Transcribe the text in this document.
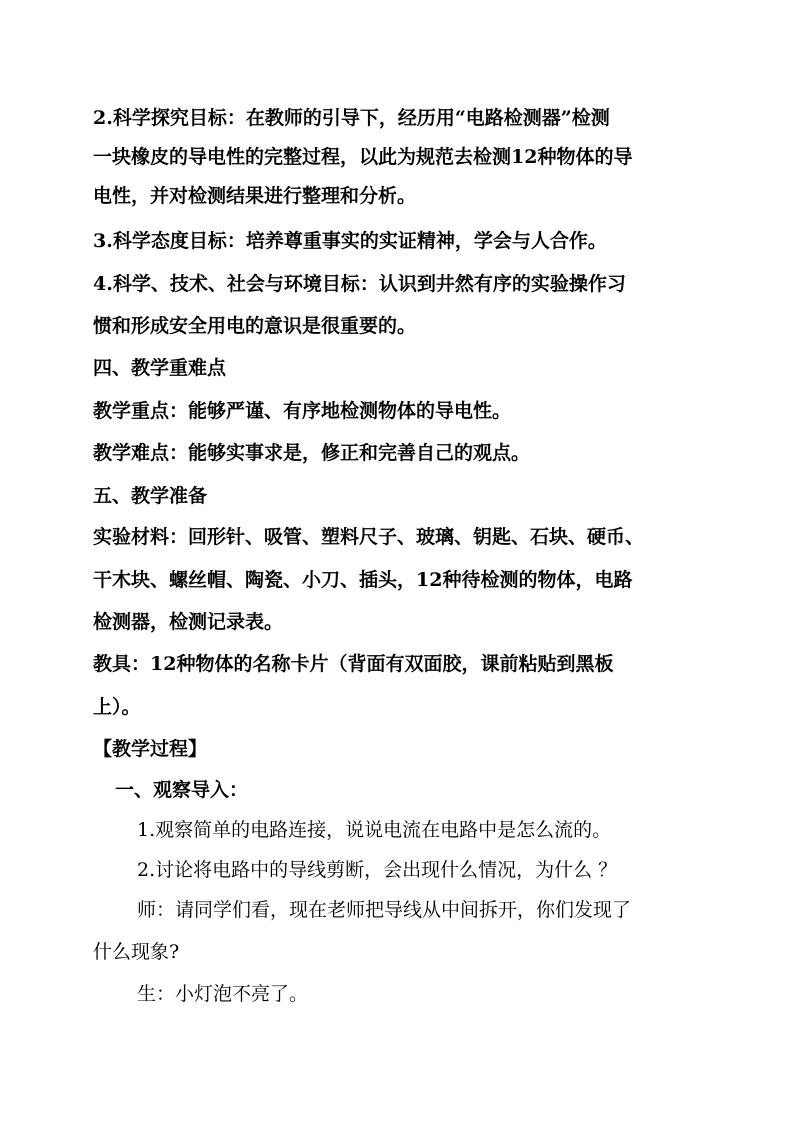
2.科学探究目标：在教师的引导下，经历用“电路检测器”检测
一块橡皮的导电性的完整过程，以此为规范去检测12种物体的导
电性，并对检测结果进行整理和分析。
3.科学态度目标：培养尊重事实的实证精神，学会与人合作。
4.科学、技术、社会与环境目标：认识到井然有序的实验操作习
惯和形成安全用电的意识是很重要的。
四、教学重难点
教学重点：能够严谨、有序地检测物体的导电性。
教学难点：能够实事求是，修正和完善自己的观点。
五、教学准备
实验材料：回形针、吸管、塑料尺子、玻璃、钥匙、石块、硬币、
干木块、螺丝帽、陶瓷、小刀、插头，12种待检测的物体，电路
检测器，检测记录表。
教具：12种物体的名称卡片（背面有双面胶，课前粘贴到黑板
上）。
【教学过程】
一、观察导入：
1.观察简单的电路连接，说说电流在电路中是怎么流的。
2.讨论将电路中的导线剪断，会出现什么情况，为什么 ？
师：请同学们看，现在老师把导线从中间拆开，你们发现了
什么现象?
生：小灯泡不亮了。
